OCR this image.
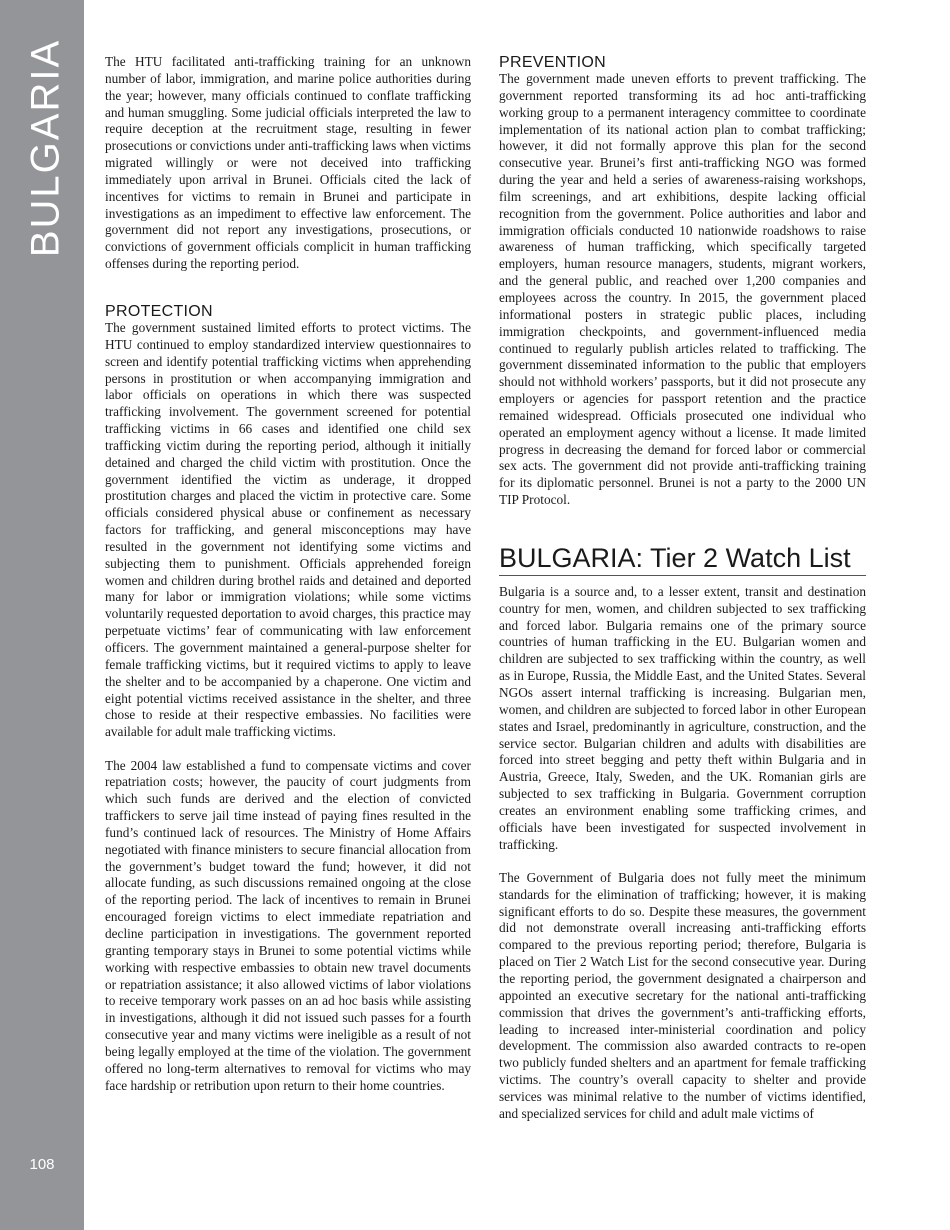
BULGARIA
108

The HTU facilitated anti-trafficking training for an unknown number of labor, immigration, and marine police authorities during the year; however, many officials continued to conflate trafficking and human smuggling. Some judicial officials interpreted the law to require deception at the recruitment stage, resulting in fewer prosecutions or convictions under anti-trafficking laws when victims migrated willingly or were not deceived into trafficking immediately upon arrival in Brunei. Officials cited the lack of incentives for victims to remain in Brunei and participate in investigations as an impediment to effective law enforcement. The government did not report any investigations, prosecutions, or convictions of government officials complicit in human trafficking offenses during the reporting period.

PROTECTION

The government sustained limited efforts to protect victims. The HTU continued to employ standardized interview questionnaires to screen and identify potential trafficking victims when apprehending persons in prostitution or when accompanying immigration and labor officials on operations in which there was suspected trafficking involvement. The government screened for potential trafficking victims in 66 cases and identified one child sex trafficking victim during the reporting period, although it initially detained and charged the child victim with prostitution. Once the government identified the victim as underage, it dropped prostitution charges and placed the victim in protective care. Some officials considered physical abuse or confinement as necessary factors for trafficking, and general misconceptions may have resulted in the government not identifying some victims and subjecting them to punishment. Officials apprehended foreign women and children during brothel raids and detained and deported many for labor or immigration violations; while some victims voluntarily requested deportation to avoid charges, this practice may perpetuate victims’ fear of communicating with law enforcement officers. The government maintained a general-purpose shelter for female trafficking victims, but it required victims to apply to leave the shelter and to be accompanied by a chaperone. One victim and eight potential victims received assistance in the shelter, and three chose to reside at their respective embassies. No facilities were available for adult male trafficking victims.

The 2004 law established a fund to compensate victims and cover repatriation costs; however, the paucity of court judgments from which such funds are derived and the election of convicted traffickers to serve jail time instead of paying fines resulted in the fund’s continued lack of resources. The Ministry of Home Affairs negotiated with finance ministers to secure financial allocation from the government’s budget toward the fund; however, it did not allocate funding, as such discussions remained ongoing at the close of the reporting period. The lack of incentives to remain in Brunei encouraged foreign victims to elect immediate repatriation and decline participation in investigations. The government reported granting temporary stays in Brunei to some potential victims while working with respective embassies to obtain new travel documents or repatriation assistance; it also allowed victims of labor violations to receive temporary work passes on an ad hoc basis while assisting in investigations, although it did not issued such passes for a fourth consecutive year and many victims were ineligible as a result of not being legally employed at the time of the violation. The government offered no long-term alternatives to removal for victims who may face hardship or retribution upon return to their home countries.

PREVENTION

The government made uneven efforts to prevent trafficking. The government reported transforming its ad hoc anti-trafficking working group to a permanent interagency committee to coordinate implementation of its national action plan to combat trafficking; however, it did not formally approve this plan for the second consecutive year. Brunei’s first anti-trafficking NGO was formed during the year and held a series of awareness-raising workshops, film screenings, and art exhibitions, despite lacking official recognition from the government. Police authorities and labor and immigration officials conducted 10 nationwide roadshows to raise awareness of human trafficking, which specifically targeted employers, human resource managers, students, migrant workers, and the general public, and reached over 1,200 companies and employees across the country. In 2015, the government placed informational posters in strategic public places, including immigration checkpoints, and government-influenced media continued to regularly publish articles related to trafficking. The government disseminated information to the public that employers should not withhold workers’ passports, but it did not prosecute any employers or agencies for passport retention and the practice remained widespread. Officials prosecuted one individual who operated an employment agency without a license. It made limited progress in decreasing the demand for forced labor or commercial sex acts. The government did not provide anti-trafficking training for its diplomatic personnel. Brunei is not a party to the 2000 UN TIP Protocol.

BULGARIA: Tier 2 Watch List

Bulgaria is a source and, to a lesser extent, transit and destination country for men, women, and children subjected to sex trafficking and forced labor. Bulgaria remains one of the primary source countries of human trafficking in the EU. Bulgarian women and children are subjected to sex trafficking within the country, as well as in Europe, Russia, the Middle East, and the United States. Several NGOs assert internal trafficking is increasing. Bulgarian men, women, and children are subjected to forced labor in other European states and Israel, predominantly in agriculture, construction, and the service sector. Bulgarian children and adults with disabilities are forced into street begging and petty theft within Bulgaria and in Austria, Greece, Italy, Sweden, and the UK. Romanian girls are subjected to sex trafficking in Bulgaria. Government corruption creates an environment enabling some trafficking crimes, and officials have been investigated for suspected involvement in trafficking.

The Government of Bulgaria does not fully meet the minimum standards for the elimination of trafficking; however, it is making significant efforts to do so. Despite these measures, the government did not demonstrate overall increasing anti-trafficking efforts compared to the previous reporting period; therefore, Bulgaria is placed on Tier 2 Watch List for the second consecutive year. During the reporting period, the government designated a chairperson and appointed an executive secretary for the national anti-trafficking commission that drives the government’s anti-trafficking efforts, leading to increased inter-ministerial coordination and policy development. The commission also awarded contracts to re-open two publicly funded shelters and an apartment for female trafficking victims. The country’s overall capacity to shelter and provide services was minimal relative to the number of victims identified, and specialized services for child and adult male victims of
